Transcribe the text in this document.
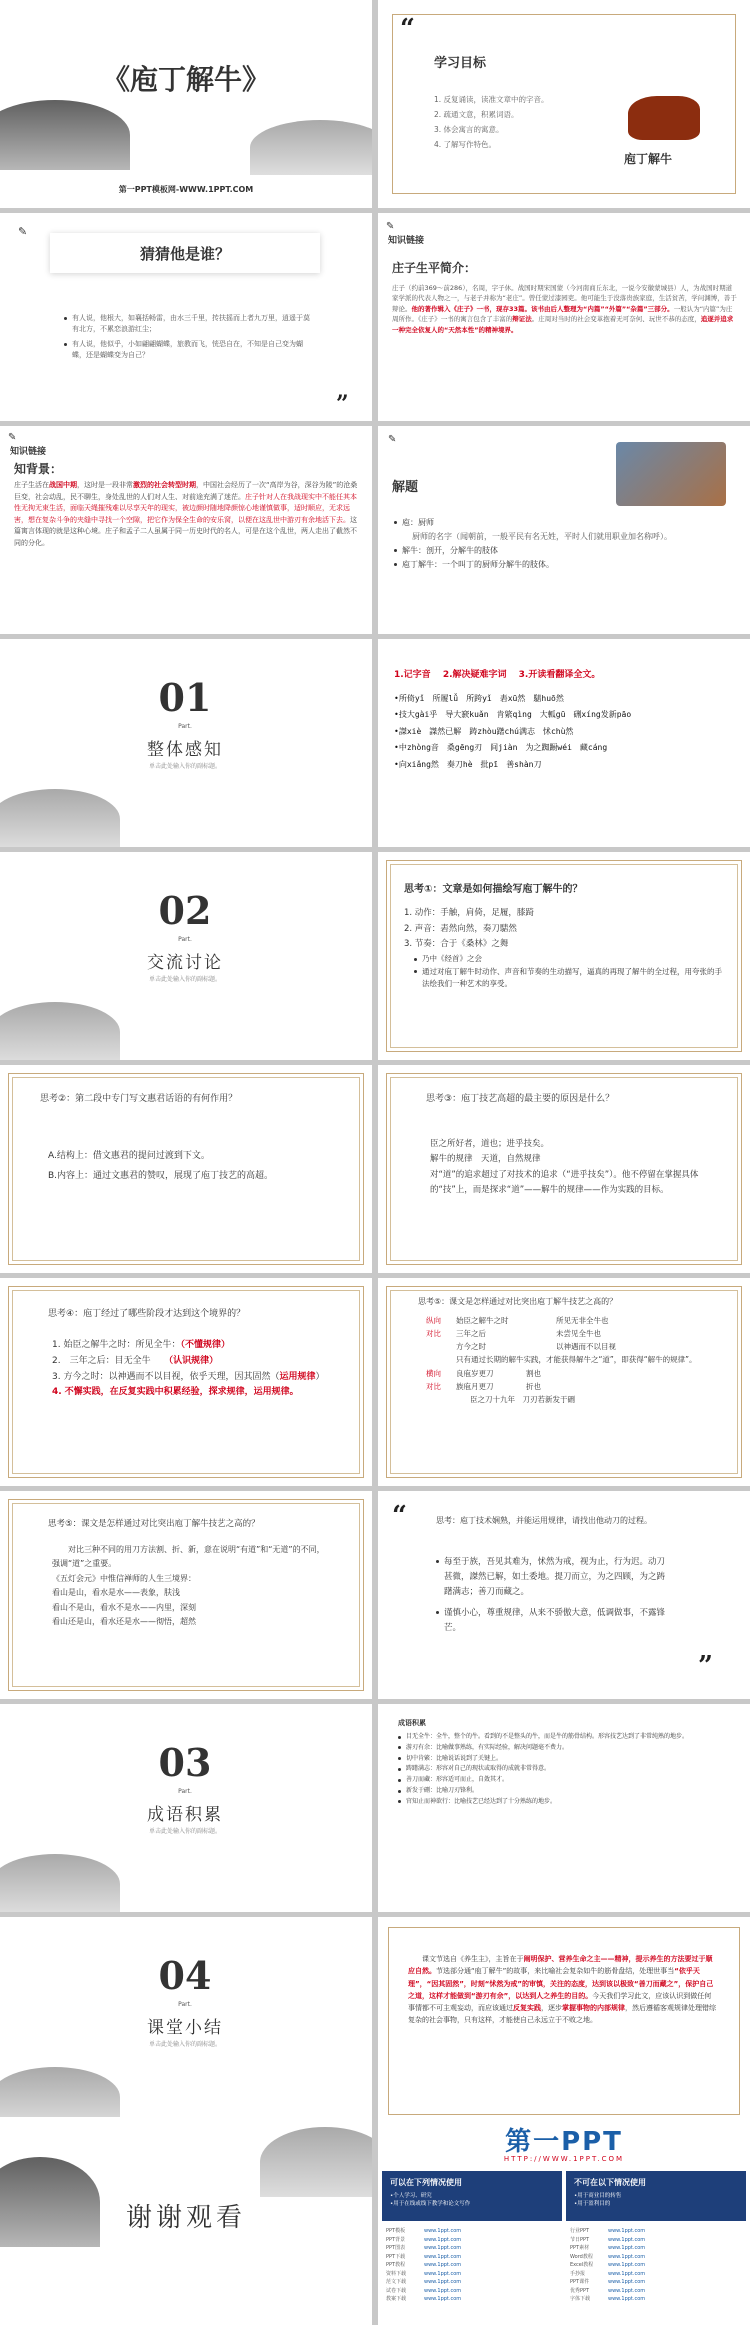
《庖丁解牛》
第一PPT模板网-WWW.1PPT.COM
“
学习目标
1. 反复诵读，读准文章中的字音。
2. 疏通文意，积累词语。
3. 体会寓言的寓意。
4. 了解写作特色。
庖丁解牛
✎
猜猜他是谁？
有人说，他根大，如襄括畅雷，由水三千里，抟扶摇而上者九万里，逍遥于莫有北方，不累恋浪游红尘；
有人说，他似乎，小如翩翩蝴蝶，旅教而飞，恍恐自在，不知是自己变为蝴蝶，还是蝴蝶变为自己？
”
✎
知识链接
庄子生平简介：
庄子（约前369～前286），名周，字子休。战国时期宋国蒙（今河南商丘东北，一说今安徽蒙城县）人，为战国时期道家学派的代表人物之一，与老子并称为“老庄”。曾任蒙过漆园吏。他可能生于没落贵族家庭，生活贫苦，学问渊博，善于辩论。他的著作辑入《庄子》一书，现存33篇。该书由后人整理为“内篇”“外篇”“杂篇”三部分。一般认为“内篇”为庄周所作。《庄子》一书的寓言包含了丰富的辩证法。庄周对当时的社会变革抱着无可奈何、玩世不恭的态度，追逐并追求一种完全依复人的“天然本性”的精神境界。
✎
知识链接
知背景：
庄子生活在战国中期，这时是一段非常激烈的社会转型时期，中国社会经历了一次“高岸为谷，深谷为陵”的沧桑巨变，社会动乱，民不聊生，身处乱世的人们对人生、对前途充满了迷茫。庄子针对人在我战现实中不能任其本性无拘无束生活，面临天绳摧残难以尽享天年的现实，被边颜时随地降颜惊心地谨慎做事，适时顺应，无求远害，想在复杂斗争的夹缝中寻找一个空隙，把它作为保全生命的安乐窝，以便在这乱世中游刃有余地活下去。这篇寓言体现的就是这种心境。庄子和孟子二人虽属于同一历史时代的名人，可是在这个乱世，两人走出了截然不同的分化。
✎
解题
庖：厨师
厨师的名字（闻朝前，一般平民有名无姓，平时人们就用职业加名称呼）。
解牛：剖开，分解牛的肢体
庖丁解牛：一个叫丁的厨师分解牛的肢体。
01
Part.
整体感知
单击此处输入你的副标题。
1.记字音　 2.解决疑难字词　 3.开读看翻译全文。
•所倚yǐ　 所履lǚ　 所跨yǐ　 砉xū然　 騞huō然
•技大gài乎　 导大窾kuǎn　 肯綮qìng　 大軱gū　 硎xíng发新pāo
•謋xiè　 謋然已解　 踌zhòu躇chú满志　 怵chù然
•中zhòng音　 桑gēng刃　 间jiàn　 为之踟蹰wéi　 藏cáng
•向xiǎng然　 奏刀hè　 批pī　 善shàn刀
02
Part.
交流讨论
单击此处输入你的副标题。
思考①：文章是如何描绘写庖丁解牛的？
1. 动作：手触，肩倚，足履，膝踦
2. 声音：砉然向然，奏刀騞然
3. 节奏：合于《桑林》之舞
乃中《经首》之会
通过对庖丁解牛时动作、声音和节奏的生动描写，逼真的再现了解牛的全过程，用夸张的手法绘我们一种艺术的享受。
思考②：第二段中专门写文惠君话语的有何作用？
A.结构上：借文惠君的提问过渡到下文。
B.内容上：通过文惠君的赞叹，展现了庖丁技艺的高超。
思考③：庖丁技艺高超的最主要的原因是什么？
臣之所好者，道也；进乎技矣。
解牛的规律　天道，自然规律
对“道”的追求超过了对技术的追求（“进乎技矣”）。他不停留在掌握具体的“技”上，而是探求“道”——解牛的规律——作为实践的目标。
思考④：庖丁经过了哪些阶段才达到这个境界的？
1. 始臣之解牛之时：所见全牛：（不懂规律）
2.　三年之后：目无全牛　　（认识规律）
3. 方今之时：以神遇而不以目视，依乎天理，因其固然（运用规律）
4. 不懈实践，在反复实践中积累经验，探求规律，运用规律。
思考⑤：课文是怎样通过对比突出庖丁解牛技艺之高的？
纵向 始臣之解牛之时	所见无非全牛也
对比 三年之后	未尝见全牛也
方今之时	以神遇而不以目视
只有通过长期的解牛实践，才能获得解牛之“道”，即获得“解牛的规律”。
横向 良庖岁更刀	割也
对比 族庖月更刀	折也
臣之刀十九年　 刀刃若新发于硎
思考⑤：课文是怎样通过对比突出庖丁解牛技艺之高的？
对比三种不同的用刀方法割、折、新，意在说明“有道”和“无道”的不同，强调“道”之重要。
《五灯会元》中惟信禅师的人生三境界：
看山是山，看水是水——表象，肤浅
看山不是山，看水不是水——内里，深刻
看山还是山，看水还是水——彻悟，超然
“	思考：庖丁技术娴熟，并能运用规律，请找出他动刀的过程。
每至于族，吾见其难为，怵然为戒，视为止，行为迟。动刀甚微，謋然已解，如土委地。提刀而立，为之四顾，为之踌躇满志；善刀而藏之。
谨慎小心，尊重规律，从来不骄傲大意，低调做事，不露锋芒。
”
03
Part.
成语积累
单击此处输入你的副标题。
成语积累
目无全牛：全牛，整个的牛。看到的不是整头的牛，而是牛的筋骨结构。形容技艺达到了非常纯熟的地步。
游刃有余：比喻做事熟练，有实际经验，解决问题毫不费力。
切中肯綮：比喻说话说到了关键上。
踌躇满志：形容对自己的现状或取得的成就非常得意。
善刀而藏：形容适可而止，自敛其才。
新发于硎：比喻刀刃锋利。
官知止而神欲行：比喻技艺已经达到了十分熟练的地步。
04
Part.
课堂小结
单击此处输入你的副标题。
课文节选自《养生主》，主旨在于阐明保护、营养生命之主——精神，提示养生的方法要过于顺应自然。节选部分通“庖丁解牛”的故事，来比喻社会复杂如牛的筋骨盘结，处理世事当“依乎天理”，“因其固然”，时刻“怵然为戒”的审慎，关注的态度，达到该以极致“善刀而藏之”，保护自己之道，这样才能做到“游刃有余”，以达到人之养生的目的。今天我们学习此文，应该认识到做任何事情都不可主观妄动，而应该通过反复实践，逐步掌握事物的内部规律，然后遵循客观规律处理错综复杂的社会事物，只有这样，才能使自己永远立于不败之地。
谢谢观看
第一PPT
HTTP://WWW.1PPT.COM
可以在下列情况使用
•个人学习、研究
•用于在线或线下教学和论文写作
不可在以下情况使用
•用于商业目的转售
•用于盈利目的
PPT模板	www.1ppt.com
PPT背景	www.1ppt.com
PPT图表	www.1ppt.com
PPT下载	www.1ppt.com
PPT教程	www.1ppt.com
资料下载	www.1ppt.com
范文下载	www.1ppt.com
试卷下载	www.1ppt.com
教案下载	www.1ppt.com
行业PPT	www.1ppt.com
节日PPT	www.1ppt.com
PPT素材	www.1ppt.com
Word教程	www.1ppt.com
Excel教程	www.1ppt.com
手抄报	www.1ppt.com
PPT课件	www.1ppt.com
优秀PPT	www.1ppt.com
字体下载	www.1ppt.com
